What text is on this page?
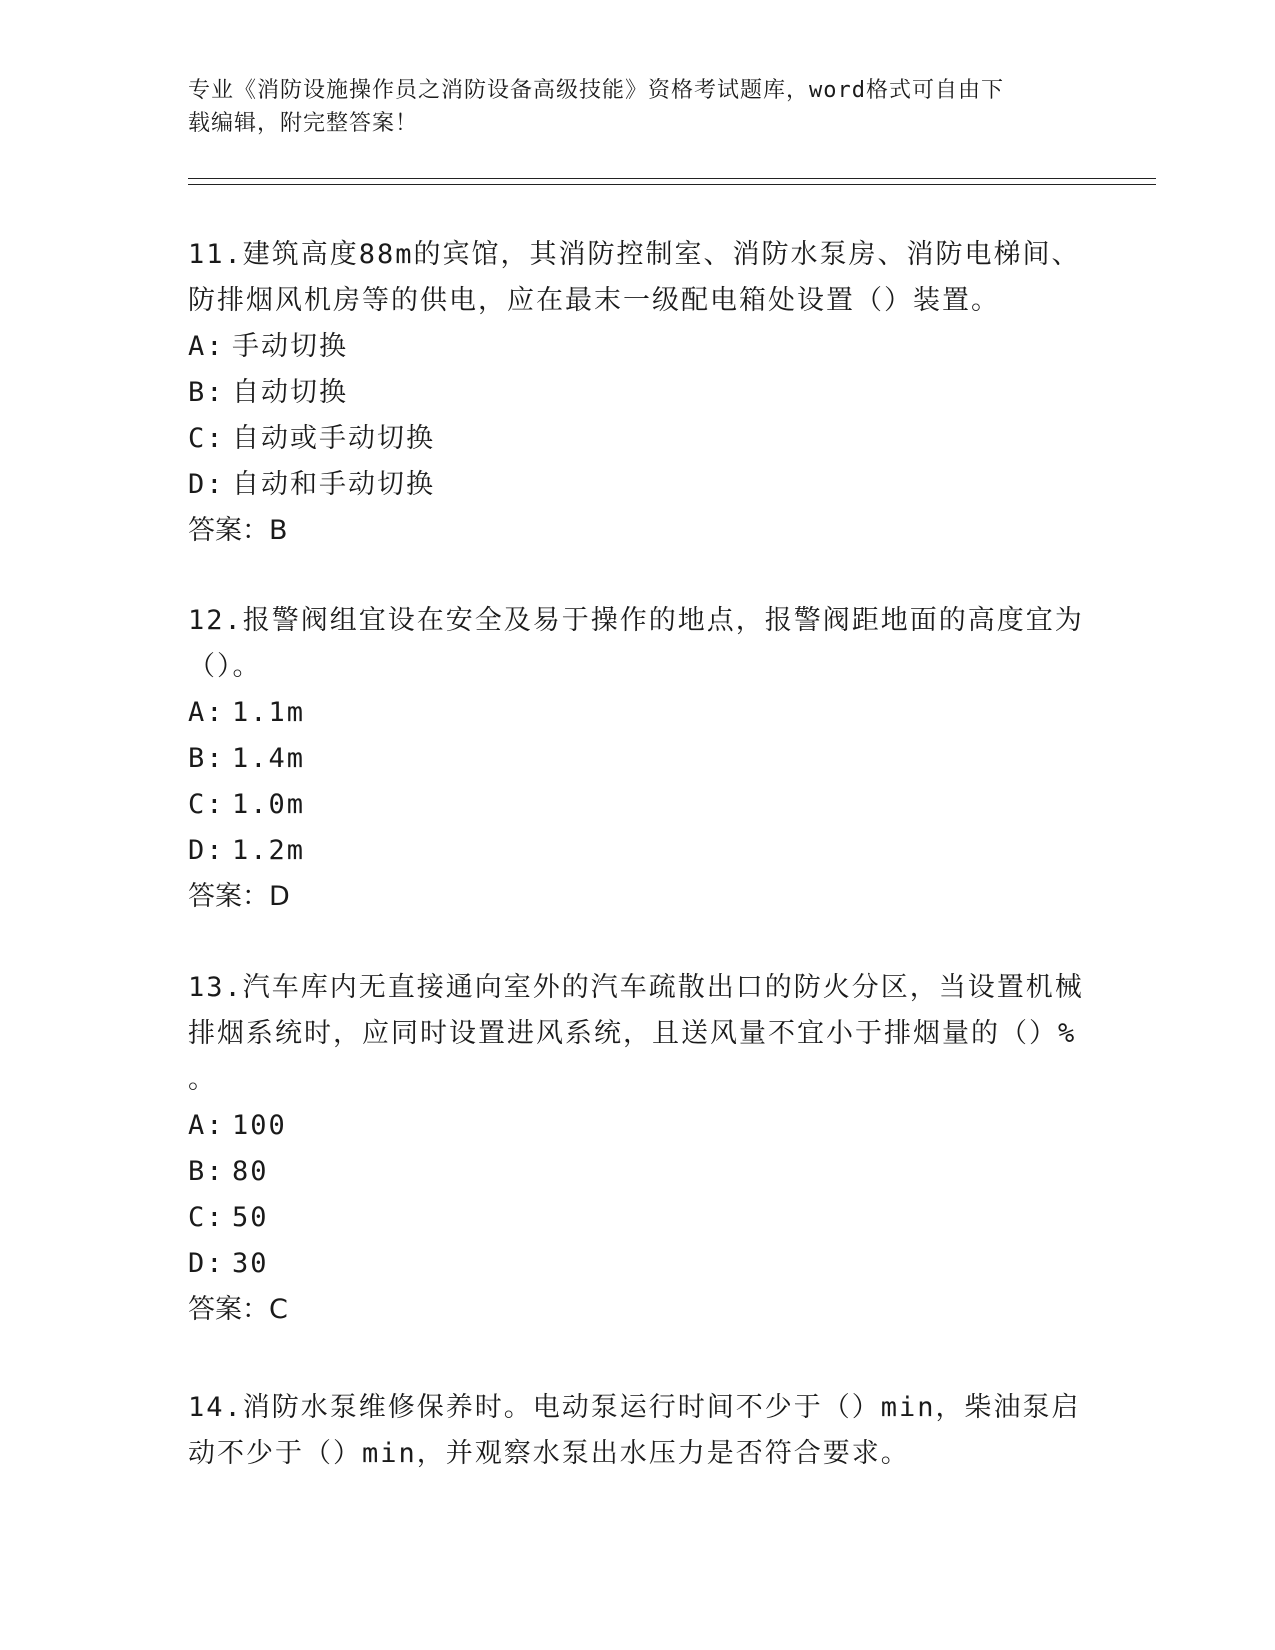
专业《消防设施操作员之消防设备高级技能》资格考试题库，word格式可自由下
载编辑，附完整答案！

11.建筑高度88m的宾馆，其消防控制室、消防水泵房、消防电梯间、

防排烟风机房等的供电，应在最末一级配电箱处设置（）装置。

A: 手动切换

B: 自动切换

C: 自动或手动切换

D: 自动和手动切换

答案：B

12.报警阀组宜设在安全及易于操作的地点，报警阀距地面的高度宜为

（）。

A: 1.1m

B: 1.4m

C: 1.0m

D: 1.2m

答案：D

13.汽车库内无直接通向室外的汽车疏散出口的防火分区，当设置机械

排烟系统时，应同时设置进风系统，且送风量不宜小于排烟量的（）%

。

A: 100

B: 80

C: 50

D: 30

答案：C

14.消防水泵维修保养时。电动泵运行时间不少于（）min，柴油泵启

动不少于（）min，并观察水泵出水压力是否符合要求。
